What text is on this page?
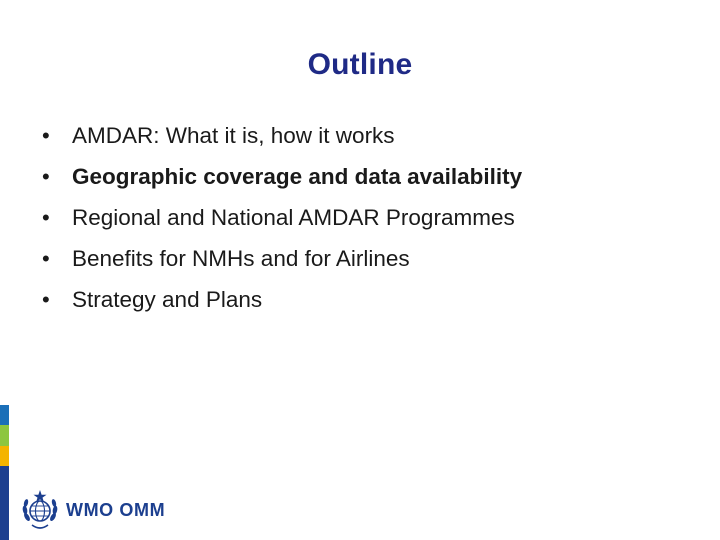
Outline
• AMDAR: What it is, how it works
• Geographic coverage and data availability
• Regional and National AMDAR Programmes
• Benefits for NMHs and for Airlines
• Strategy and Plans
WMO OMM
